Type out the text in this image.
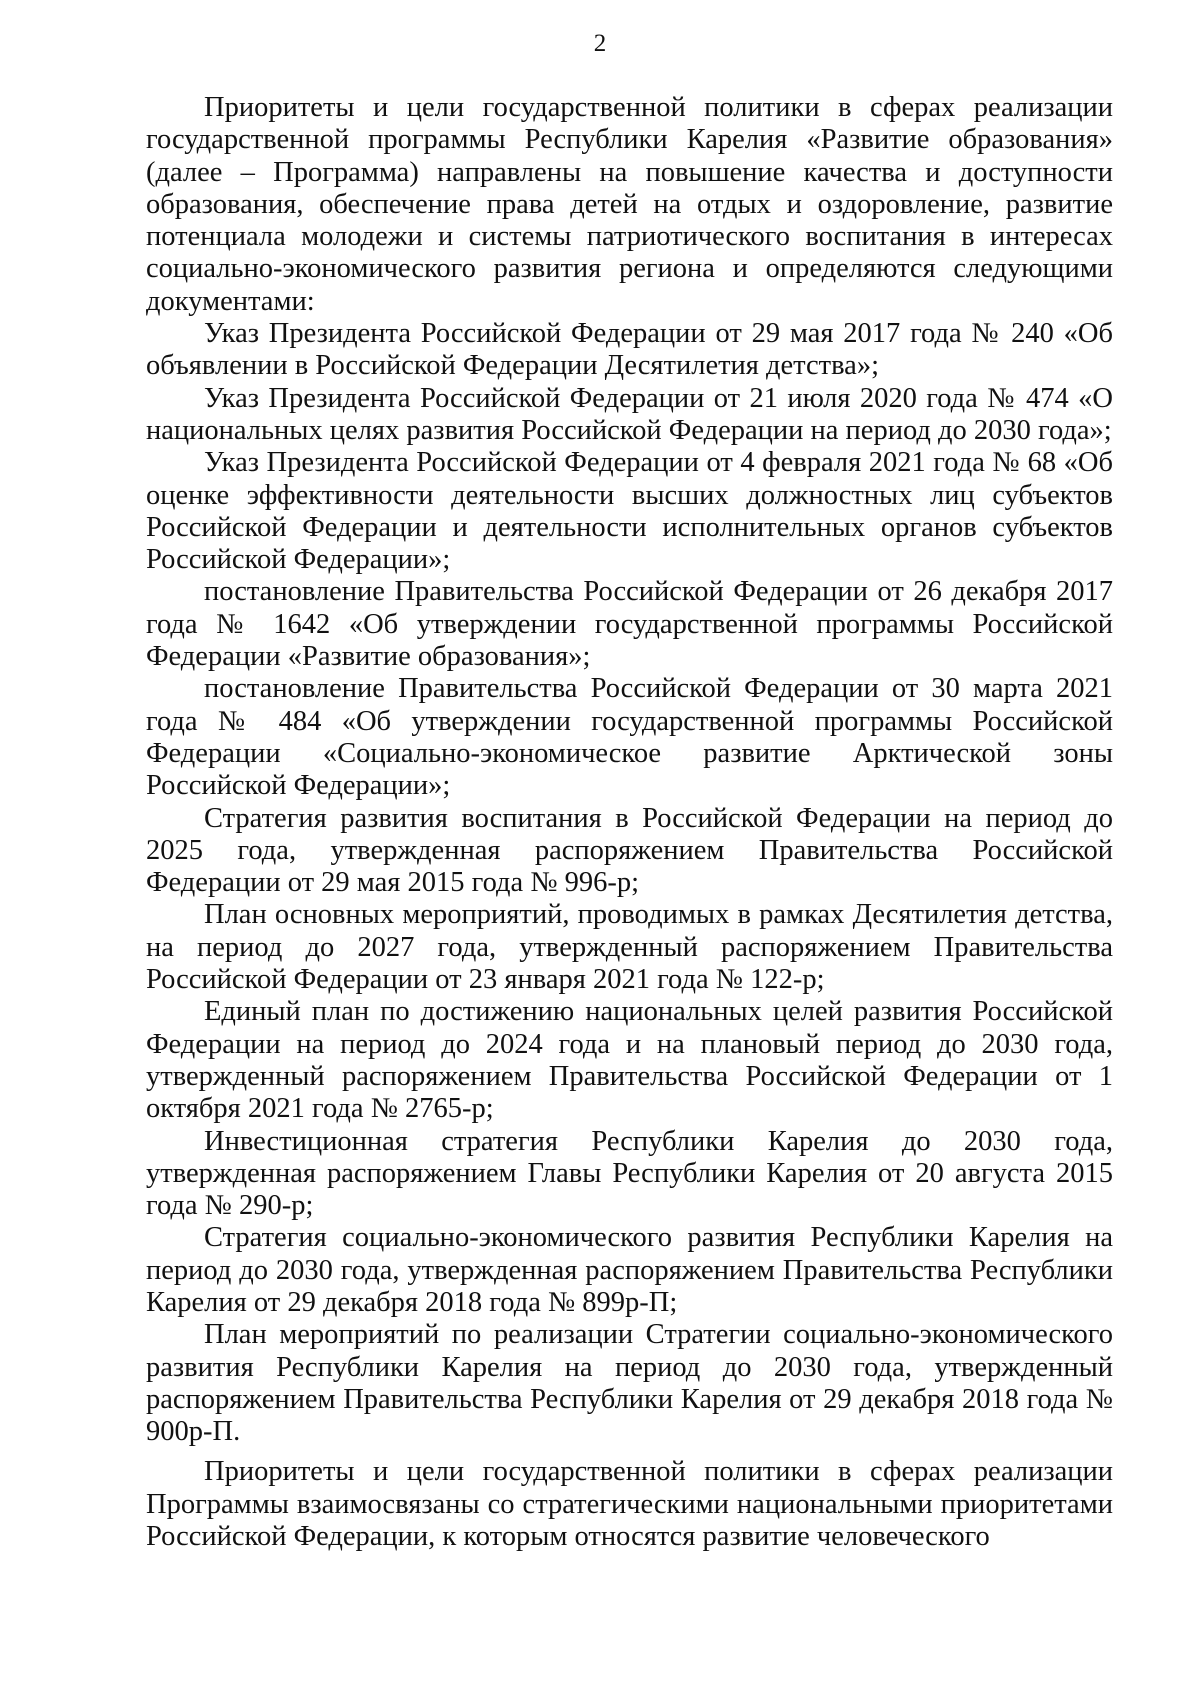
2

Приоритеты и цели государственной политики в сферах реализации государственной программы Республики Карелия «Развитие образования» (далее – Программа) направлены на повышение качества и доступности образования, обеспечение права детей на отдых и оздоровление, развитие потенциала молодежи и системы патриотического воспитания в интересах социально-экономического развития региона и определяются следующими документами:

Указ Президента Российской Федерации от 29 мая 2017 года № 240 «Об объявлении в Российской Федерации Десятилетия детства»;

Указ Президента Российской Федерации от 21 июля 2020 года № 474 «О национальных целях развития Российской Федерации на период до 2030 года»;

Указ Президента Российской Федерации от 4 февраля 2021 года № 68 «Об оценке эффективности деятельности высших должностных лиц субъектов Российской Федерации и деятельности исполнительных органов субъектов Российской Федерации»;

постановление Правительства Российской Федерации от 26 декабря 2017 года № 1642 «Об утверждении государственной программы Российской Федерации «Развитие образования»;

постановление Правительства Российской Федерации от 30 марта 2021 года № 484 «Об утверждении государственной программы Российской Федерации «Социально-экономическое развитие Арктической зоны Российской Федерации»;

Стратегия развития воспитания в Российской Федерации на период до 2025 года, утвержденная распоряжением Правительства Российской Федерации от 29 мая 2015 года № 996-р;

План основных мероприятий, проводимых в рамках Десятилетия детства, на период до 2027 года, утвержденный распоряжением Правительства Российской Федерации от 23 января 2021 года № 122-р;

Единый план по достижению национальных целей развития Российской Федерации на период до 2024 года и на плановый период до 2030 года, утвержденный распоряжением Правительства Российской Федерации от 1 октября 2021 года № 2765-р;

Инвестиционная стратегия Республики Карелия до 2030 года, утвержденная распоряжением Главы Республики Карелия от 20 августа 2015 года № 290-р;

Стратегия социально-экономического развития Республики Карелия на период до 2030 года, утвержденная распоряжением Правительства Республики Карелия от 29 декабря 2018 года № 899р-П;

План мероприятий по реализации Стратегии социально-экономического развития Республики Карелия на период до 2030 года, утвержденный распоряжением Правительства Республики Карелия от 29 декабря 2018 года № 900р-П.

Приоритеты и цели государственной политики в сферах реализации Программы взаимосвязаны со стратегическими национальными приоритетами Российской Федерации, к которым относятся развитие человеческого
